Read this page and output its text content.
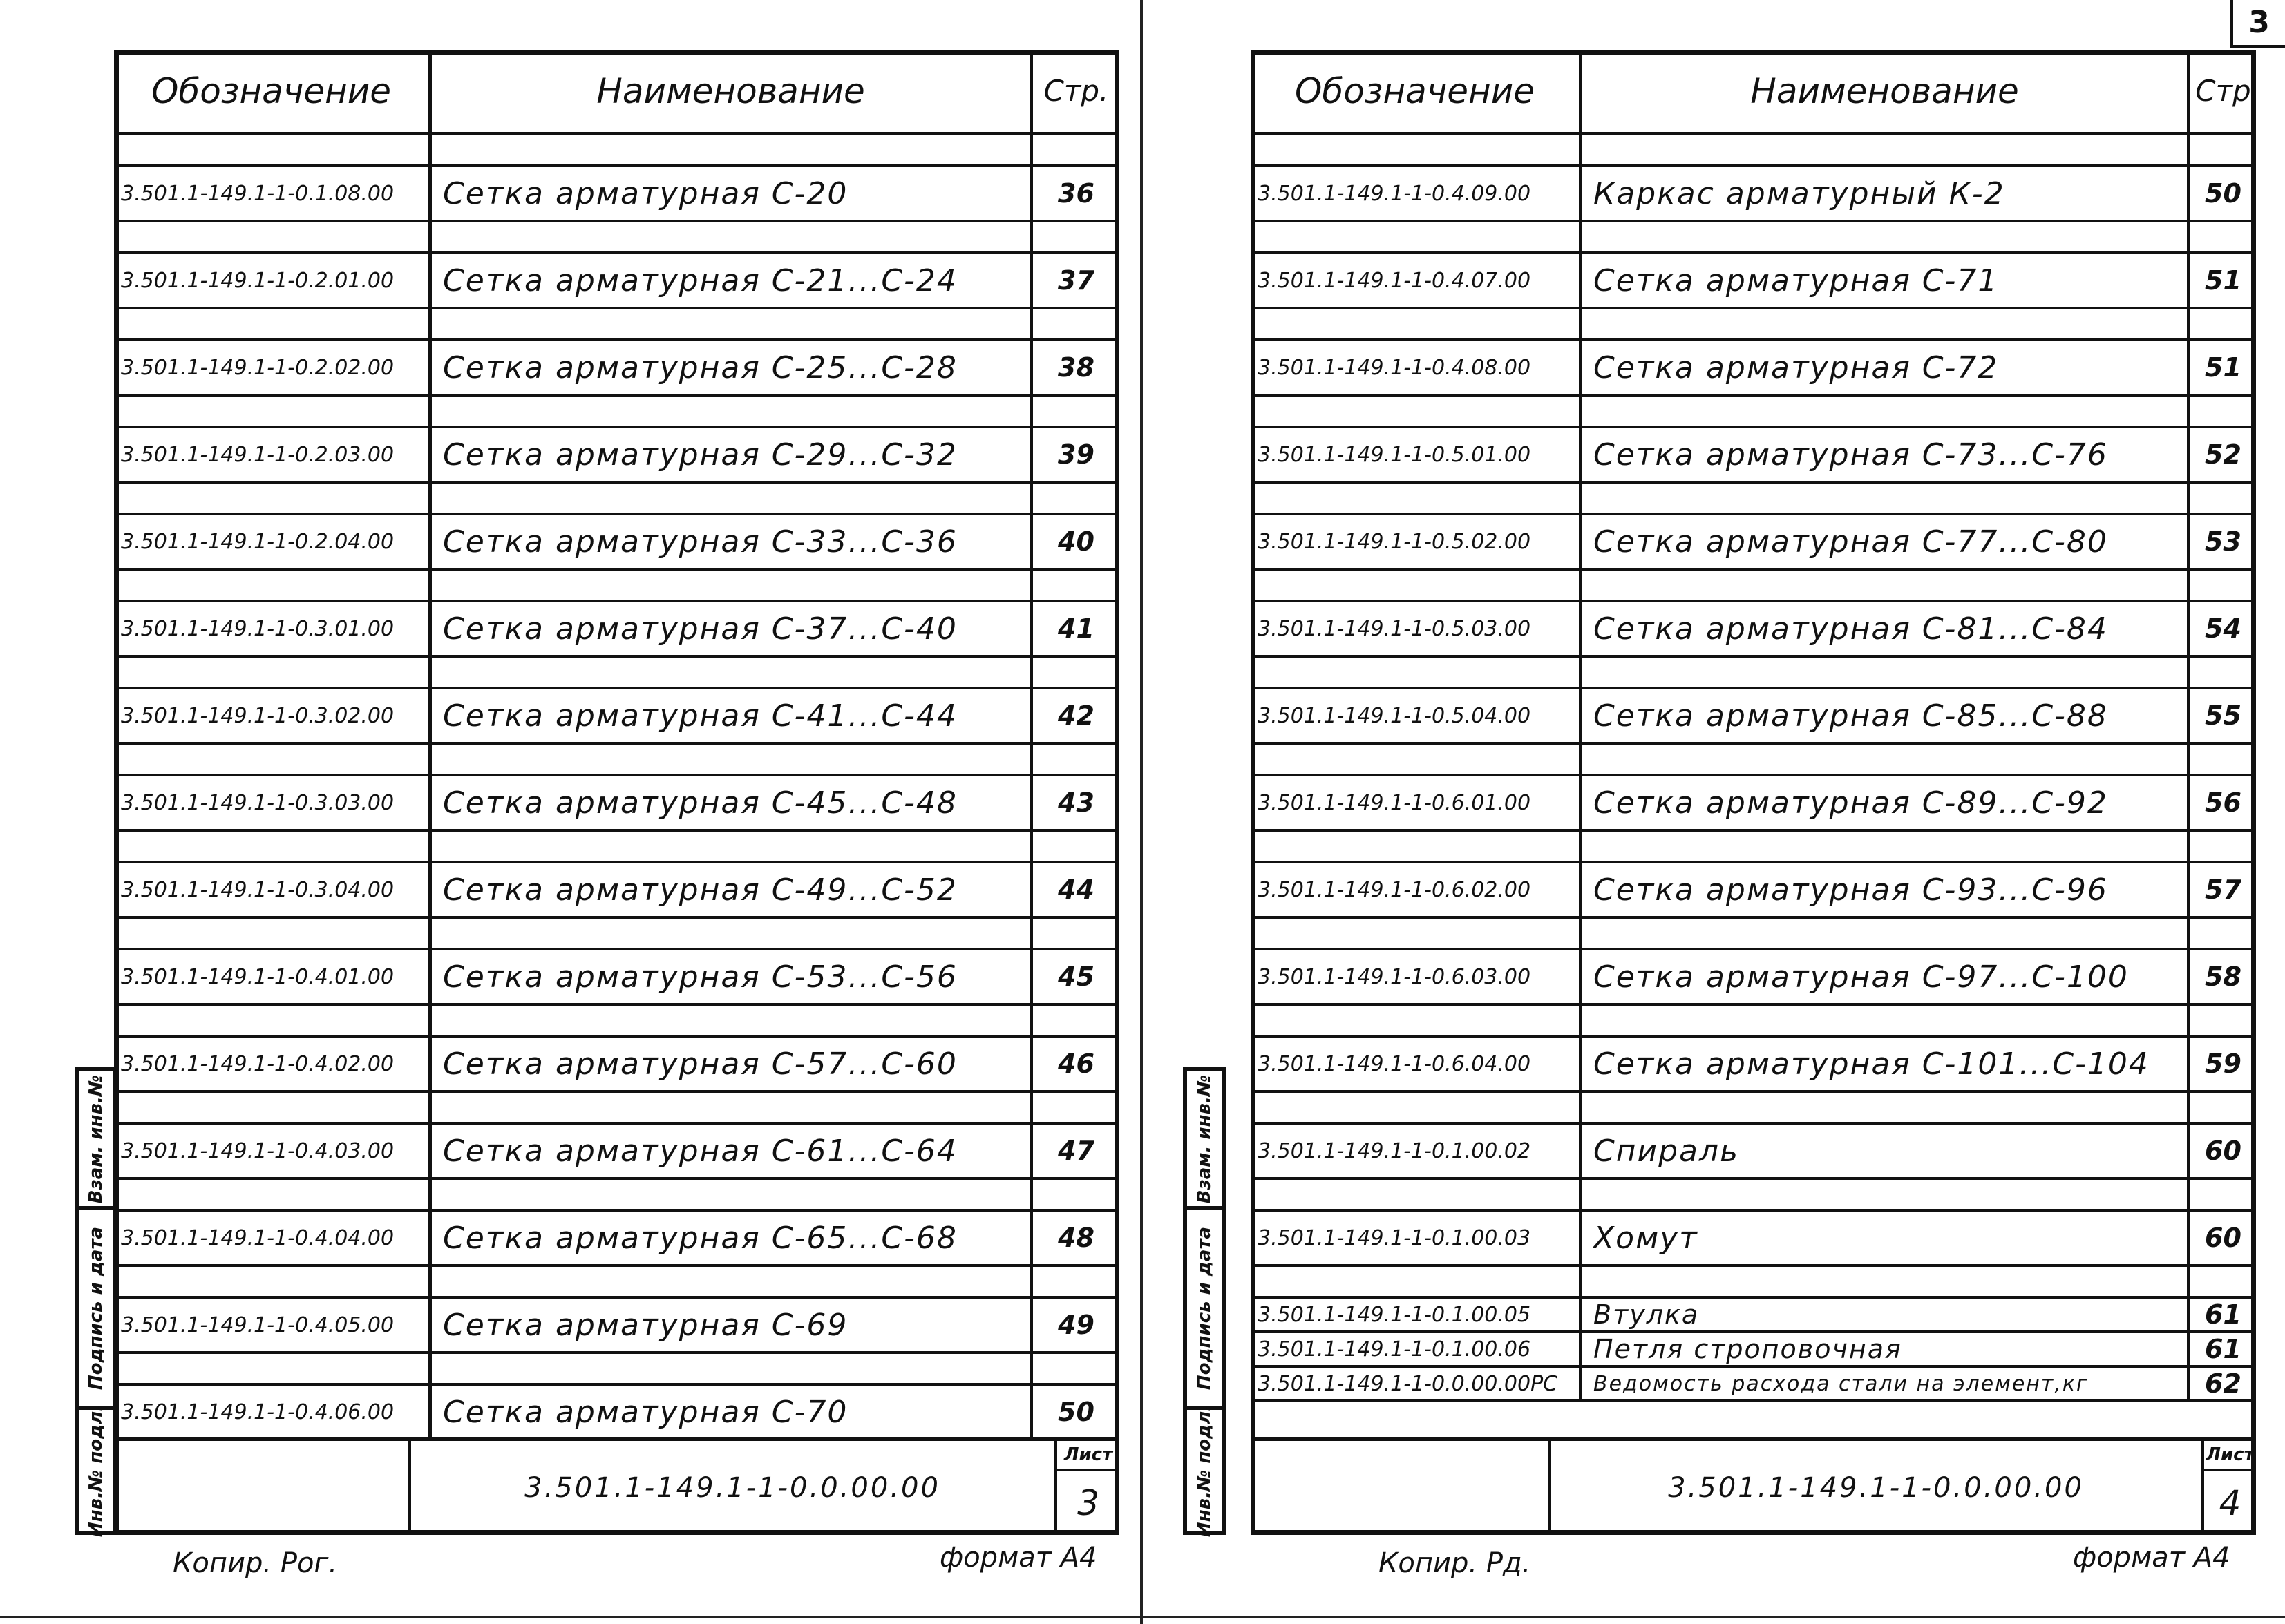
3
Обозначение	Наименование	Стр.
3.501.1-149.1-1-0.1.08.00	Сетка арматурная С-20	36
3.501.1-149.1-1-0.2.01.00	Сетка арматурная С-21...С-24	37
3.501.1-149.1-1-0.2.02.00	Сетка арматурная С-25...С-28	38
3.501.1-149.1-1-0.2.03.00	Сетка арматурная С-29...С-32	39
3.501.1-149.1-1-0.2.04.00	Сетка арматурная С-33...С-36	40
3.501.1-149.1-1-0.3.01.00	Сетка арматурная С-37...С-40	41
3.501.1-149.1-1-0.3.02.00	Сетка арматурная С-41...С-44	42
3.501.1-149.1-1-0.3.03.00	Сетка арматурная С-45...С-48	43
3.501.1-149.1-1-0.3.04.00	Сетка арматурная С-49...С-52	44
3.501.1-149.1-1-0.4.01.00	Сетка арматурная С-53...С-56	45
3.501.1-149.1-1-0.4.02.00	Сетка арматурная С-57...С-60	46
3.501.1-149.1-1-0.4.03.00	Сетка арматурная С-61...С-64	47
3.501.1-149.1-1-0.4.04.00	Сетка арматурная С-65...С-68	48
3.501.1-149.1-1-0.4.05.00	Сетка арматурная С-69	49
3.501.1-149.1-1-0.4.06.00	Сетка арматурная С-70	50
3.501.1-149.1-1-0.0.00.00
Лист
3
Взам. инв.№
Подпись и дата
Инв.№ подл.
Копир. Рог.	формат А4
Обозначение	Наименование	Стр
3.501.1-149.1-1-0.4.09.00	Каркас арматурный К-2	50
3.501.1-149.1-1-0.4.07.00	Сетка арматурная С-71	51
3.501.1-149.1-1-0.4.08.00	Сетка арматурная С-72	51
3.501.1-149.1-1-0.5.01.00	Сетка арматурная С-73...С-76	52
3.501.1-149.1-1-0.5.02.00	Сетка арматурная С-77...С-80	53
3.501.1-149.1-1-0.5.03.00	Сетка арматурная С-81...С-84	54
3.501.1-149.1-1-0.5.04.00	Сетка арматурная С-85...С-88	55
3.501.1-149.1-1-0.6.01.00	Сетка арматурная С-89...С-92	56
3.501.1-149.1-1-0.6.02.00	Сетка арматурная С-93...С-96	57
3.501.1-149.1-1-0.6.03.00	Сетка арматурная С-97...С-100	58
3.501.1-149.1-1-0.6.04.00	Сетка арматурная С-101...С-104	59
3.501.1-149.1-1-0.1.00.02	Спираль	60
3.501.1-149.1-1-0.1.00.03	Хомут	60
3.501.1-149.1-1-0.1.00.05	Втулка	61
3.501.1-149.1-1-0.1.00.06	Петля строповочная	61
3.501.1-149.1-1-0.0.00.00РС	Ведомость расхода стали на элемент,кг	62
3.501.1-149.1-1-0.0.00.00
Лист
4
Взам. инв.№
Подпись и дата
Инв.№ подл.
Копир. Рд.	формат А4
